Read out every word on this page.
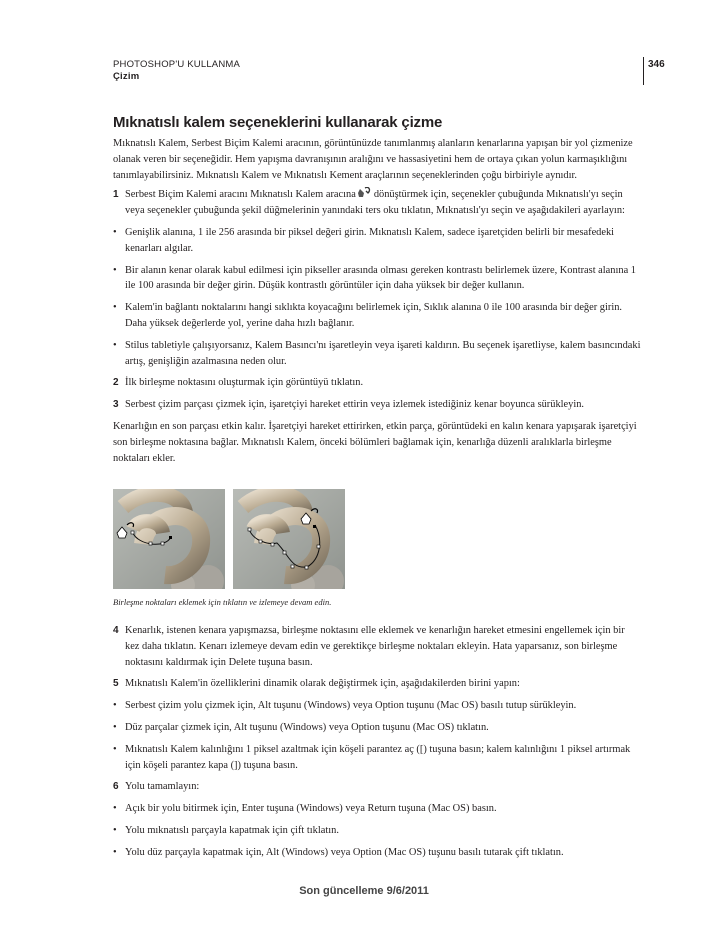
PHOTOSHOP'U KULLANMA
Çizim
346
Mıknatıslı kalem seçeneklerini kullanarak çizme

Mıknatıslı Kalem, Serbest Biçim Kalemi aracının, görüntünüzde tanımlanmış alanların kenarlarına yapışan bir yol çizmenize olanak veren bir seçeneğidir. Hem yapışma davranışının aralığını ve hassasiyetini hem de ortaya çıkan yolun karmaşıklığını tanımlayabilirsiniz. Mıknatıslı Kalem ve Mıknatıslı Kement araçlarının seçeneklerinden çoğu birbiriyle aynıdır.

1 Serbest Biçim Kalemi aracını Mıknatıslı Kalem aracına dönüştürmek için, seçenekler çubuğunda Mıknatıslı'yı seçin veya seçenekler çubuğunda şekil düğmelerinin yanındaki ters oku tıklatın, Mıknatıslı'yı seçin ve aşağıdakileri ayarlayın:
• Genişlik alanına, 1 ile 256 arasında bir piksel değeri girin. Mıknatıslı Kalem, sadece işaretçiden belirli bir mesafedeki kenarları algılar.
• Bir alanın kenar olarak kabul edilmesi için pikseller arasında olması gereken kontrastı belirlemek üzere, Kontrast alanına 1 ile 100 arasında bir değer girin. Düşük kontrastlı görüntüler için daha yüksek bir değer kullanın.
• Kalem'in bağlantı noktalarını hangi sıklıkta koyacağını belirlemek için, Sıklık alanına 0 ile 100 arasında bir değer girin. Daha yüksek değerlerde yol, yerine daha hızlı bağlanır.
• Stilus tabletiyle çalışıyorsanız, Kalem Basıncı'nı işaretleyin veya işareti kaldırın. Bu seçenek işaretliyse, kalem basıncındaki artış, genişliğin azalmasına neden olur.
2 İlk birleşme noktasını oluşturmak için görüntüyü tıklatın.
3 Serbest çizim parçası çizmek için, işaretçiyi hareket ettirin veya izlemek istediğiniz kenar boyunca sürükleyin.

Kenarlığın en son parçası etkin kalır. İşaretçiyi hareket ettirirken, etkin parça, görüntüdeki en kalın kenara yapışarak işaretçiyi son birleşme noktasına bağlar. Mıknatıslı Kalem, önceki bölümleri bağlamak için, kenarlığa düzenli aralıklarla birleşme noktaları ekler.

Birleşme noktaları eklemek için tıklatın ve izlemeye devam edin.
4 Kenarlık, istenen kenara yapışmazsa, birleşme noktasını elle eklemek ve kenarlığın hareket etmesini engellemek için bir kez daha tıklatın. Kenarı izlemeye devam edin ve gerektikçe birleşme noktaları ekleyin. Hata yaparsanız, son birleşme noktasını kaldırmak için Delete tuşuna basın.
5 Mıknatıslı Kalem'in özelliklerini dinamik olarak değiştirmek için, aşağıdakilerden birini yapın:
• Serbest çizim yolu çizmek için, Alt tuşunu (Windows) veya Option tuşunu (Mac OS) basılı tutup sürükleyin.
• Düz parçalar çizmek için, Alt tuşunu (Windows) veya Option tuşunu (Mac OS) tıklatın.
• Mıknatıslı Kalem kalınlığını 1 piksel azaltmak için köşeli parantez aç ([) tuşuna basın; kalem kalınlığını 1 piksel artırmak için köşeli parantez kapa (]) tuşuna basın.
6 Yolu tamamlayın:
• Açık bir yolu bitirmek için, Enter tuşuna (Windows) veya Return tuşuna (Mac OS) basın.
• Yolu mıknatıslı parçayla kapatmak için çift tıklatın.
• Yolu düz parçayla kapatmak için, Alt (Windows) veya Option (Mac OS) tuşunu basılı tutarak çift tıklatın.
Son güncelleme 9/6/2011
